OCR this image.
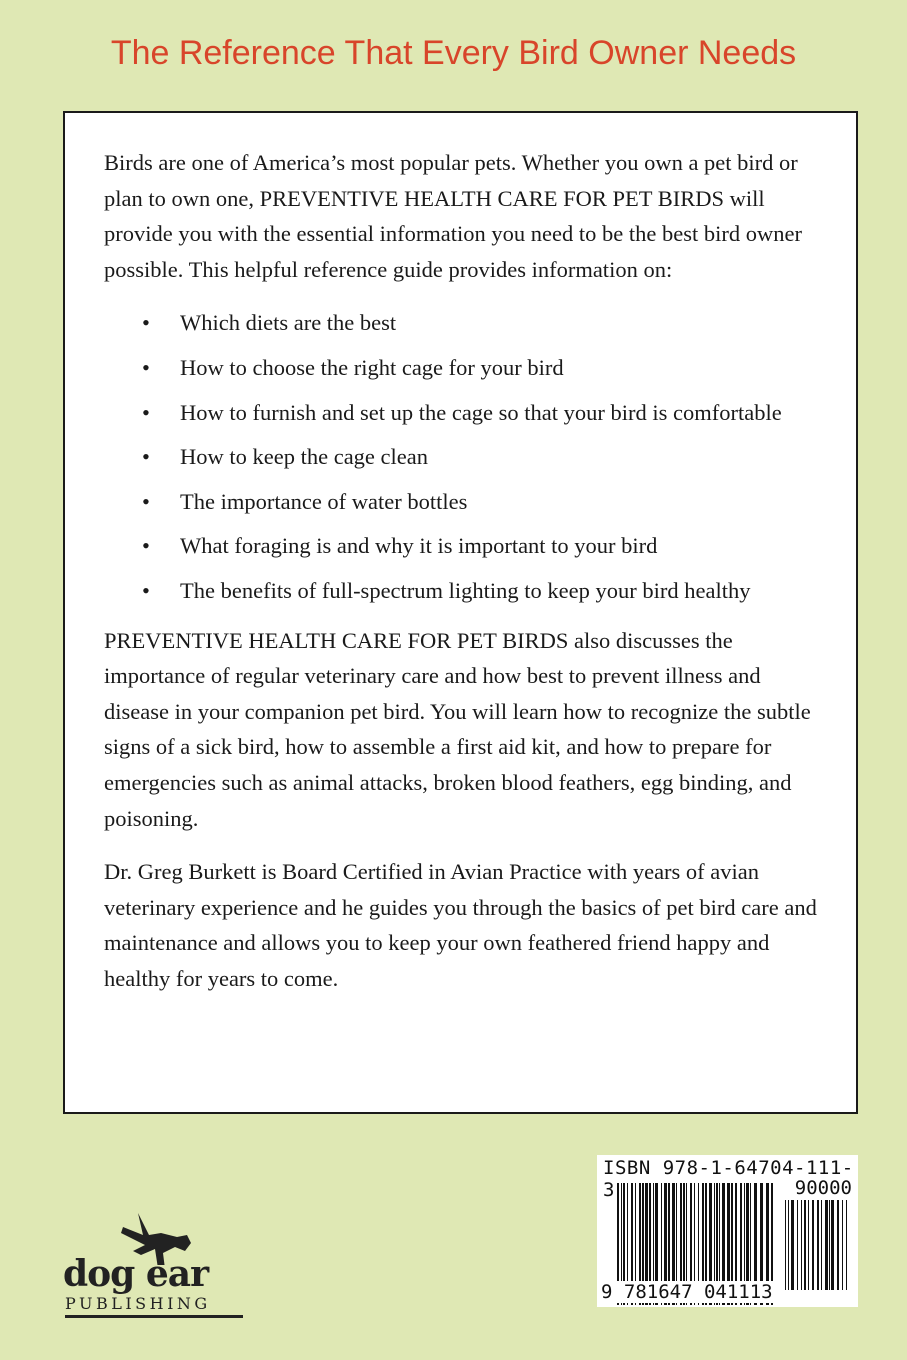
The Reference That Every Bird Owner Needs

Birds are one of America’s most popular pets. Whether you own a pet bird or plan to own one, PREVENTIVE HEALTH CARE FOR PET BIRDS will provide you with the essential information you need to be the best bird owner possible. This helpful reference guide provides information on:

• Which diets are the best
• How to choose the right cage for your bird
• How to furnish and set up the cage so that your bird is comfortable
• How to keep the cage clean
• The importance of water bottles
• What foraging is and why it is important to your bird
• The benefits of full-spectrum lighting to keep your bird healthy

PREVENTIVE HEALTH CARE FOR PET BIRDS also discusses the importance of regular veterinary care and how best to prevent illness and disease in your companion pet bird. You will learn how to recognize the subtle signs of a sick bird, how to assemble a first aid kit, and how to prepare for emergencies such as animal attacks, broken blood feathers, egg binding, and poisoning.

Dr. Greg Burkett is Board Certified in Avian Practice with years of avian veterinary experience and he guides you through the basics of pet bird care and maintenance and allows you to keep your own feathered friend happy and healthy for years to come.

dog ear
PUBLISHING
ISBN 978-1-64704-111-3	90000
9 781647 041113
